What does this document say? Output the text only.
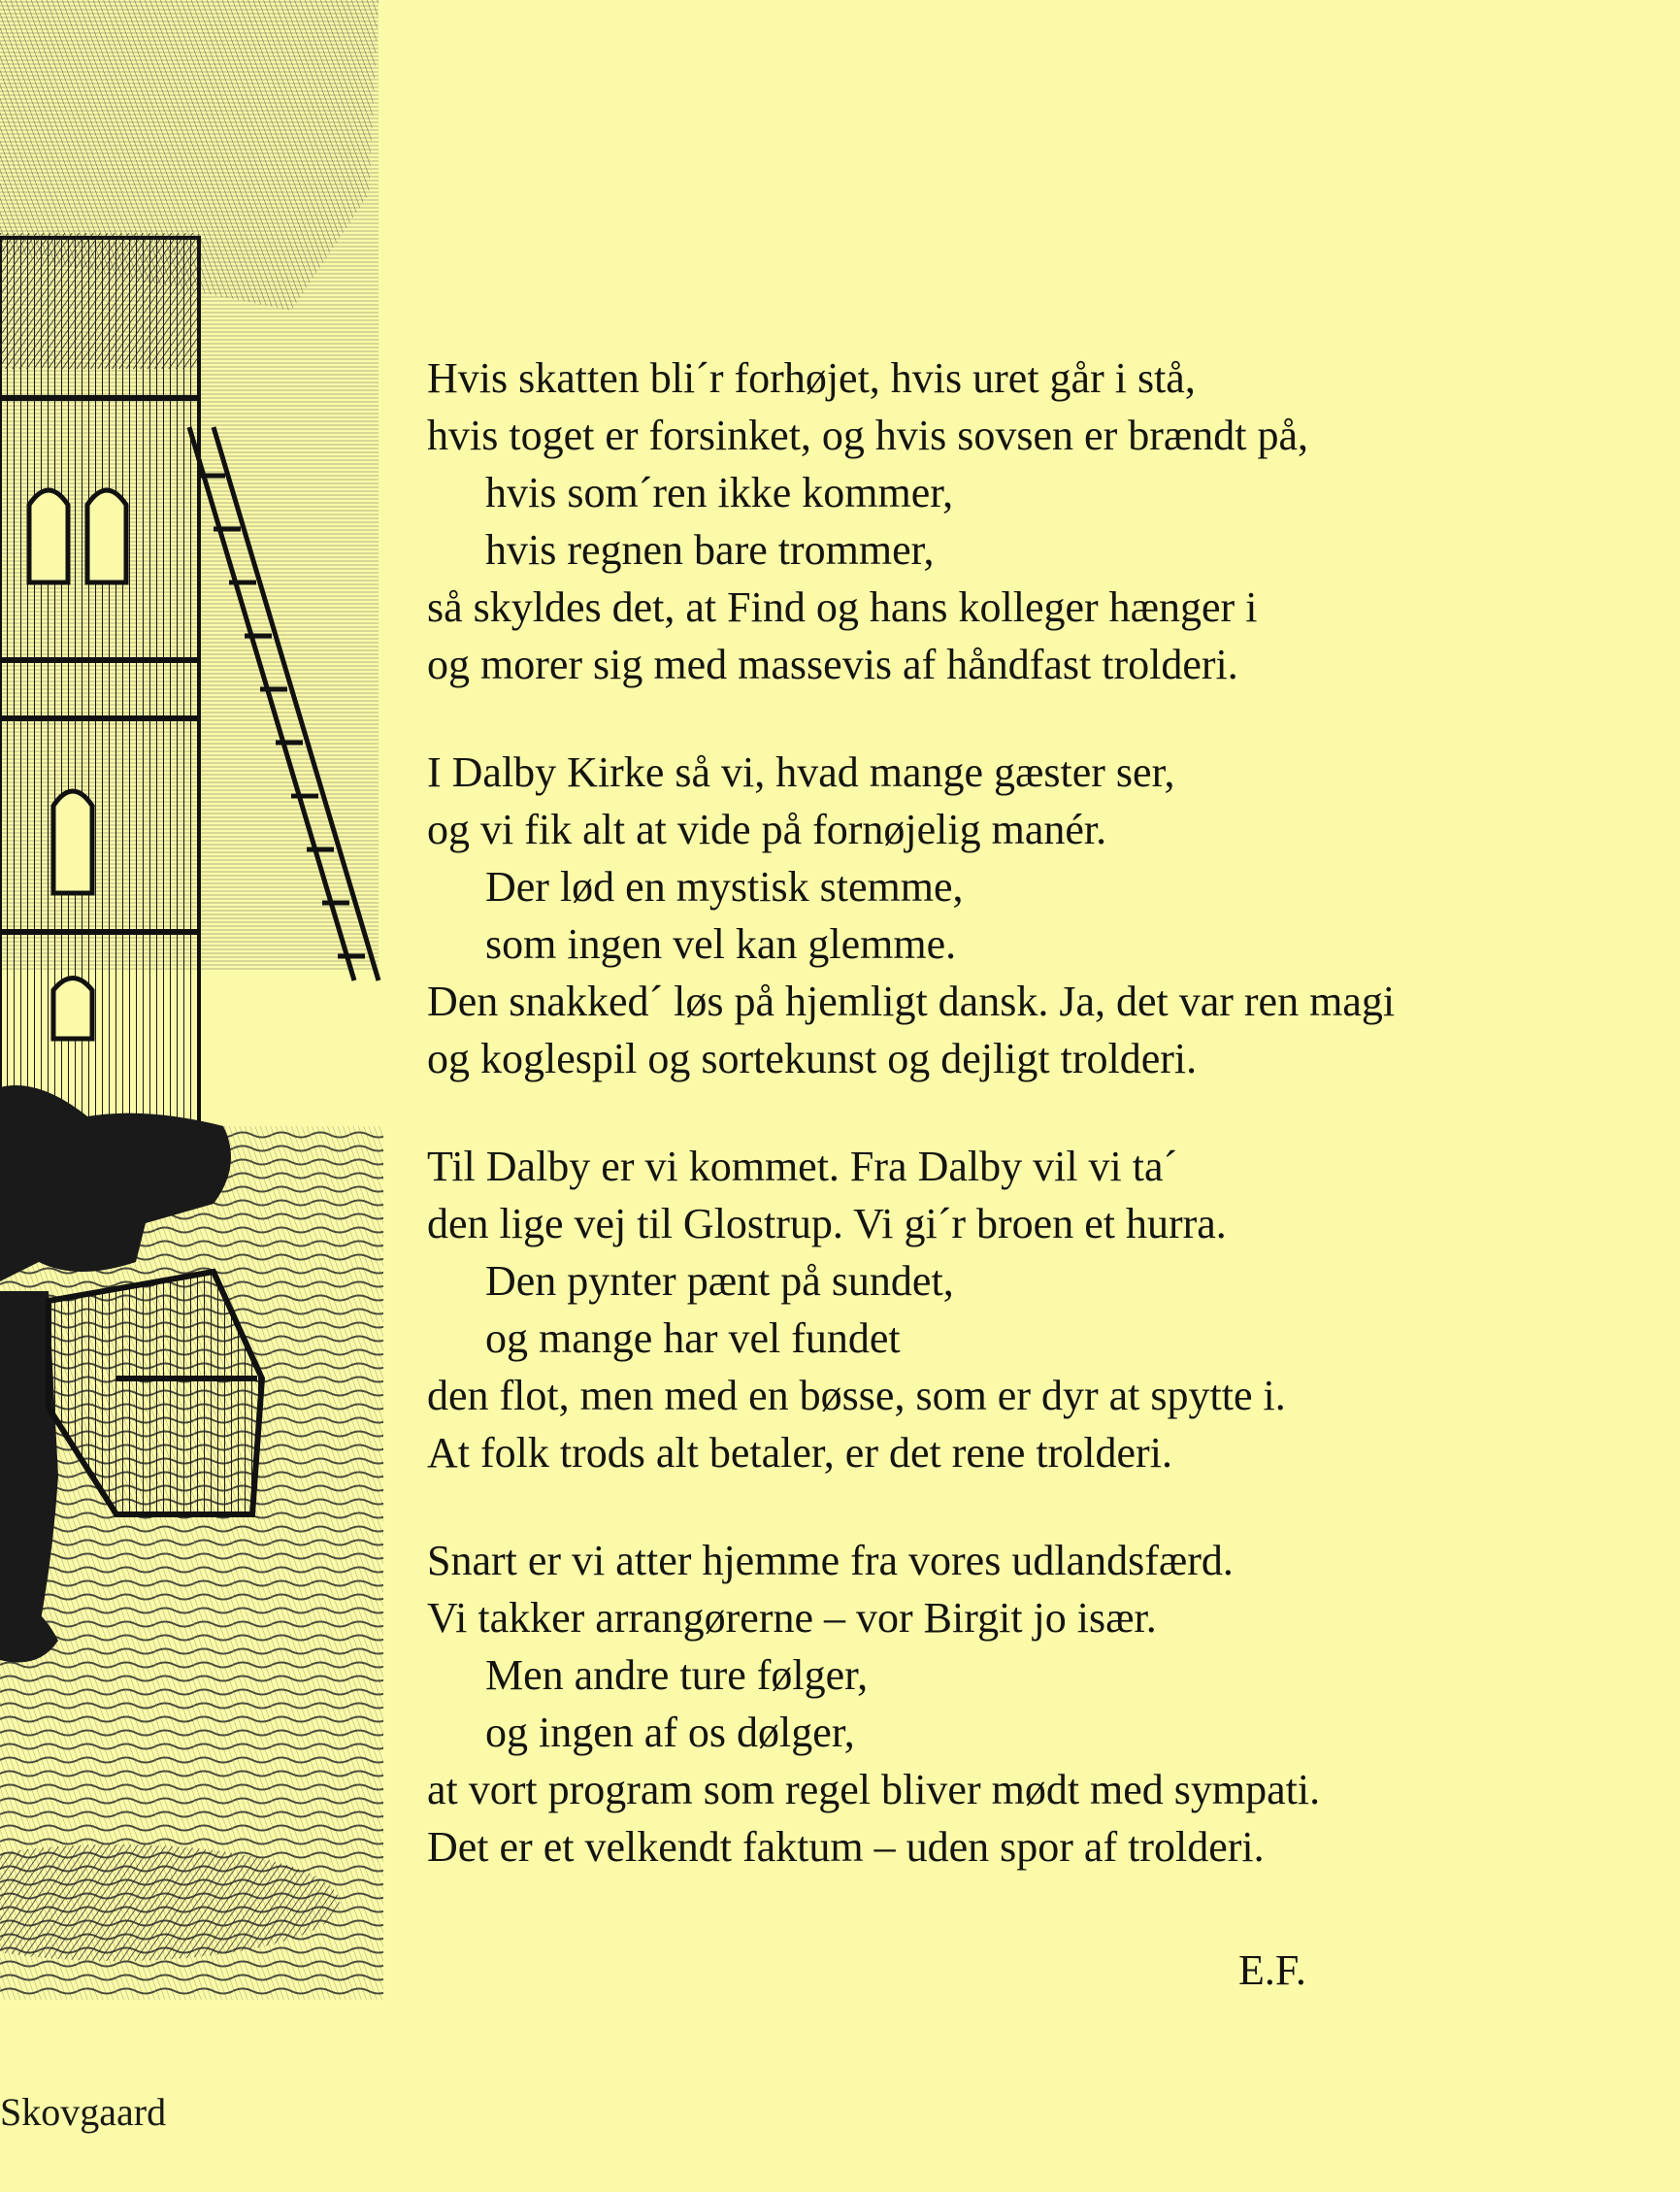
Skovgaard
Hvis skatten bli´r forhøjet, hvis uret går i stå,
hvis toget er forsinket, og hvis sovsen er brændt på,
hvis som´ren ikke kommer,
hvis regnen bare trommer,
så skyldes det, at Find og hans kolleger hænger i
og morer sig med massevis af håndfast trolderi.
I Dalby Kirke så vi, hvad mange gæster ser,
og vi fik alt at vide på fornøjelig manér.
Der lød en mystisk stemme,
som ingen vel kan glemme.
Den snakked´ løs på hjemligt dansk. Ja, det var ren magi
og koglespil og sortekunst og dejligt trolderi.
Til Dalby er vi kommet. Fra Dalby vil vi ta´
den lige vej til Glostrup. Vi gi´r broen et hurra.
Den pynter pænt på sundet,
og mange har vel fundet
den flot, men med en bøsse, som er dyr at spytte i.
At folk trods alt betaler, er det rene trolderi.
Snart er vi atter hjemme fra vores udlandsfærd.
Vi takker arrangørerne – vor Birgit jo især.
Men andre ture følger,
og ingen af os dølger,
at vort program som regel bliver mødt med sympati.
Det er et velkendt faktum – uden spor af trolderi.
E.F.
